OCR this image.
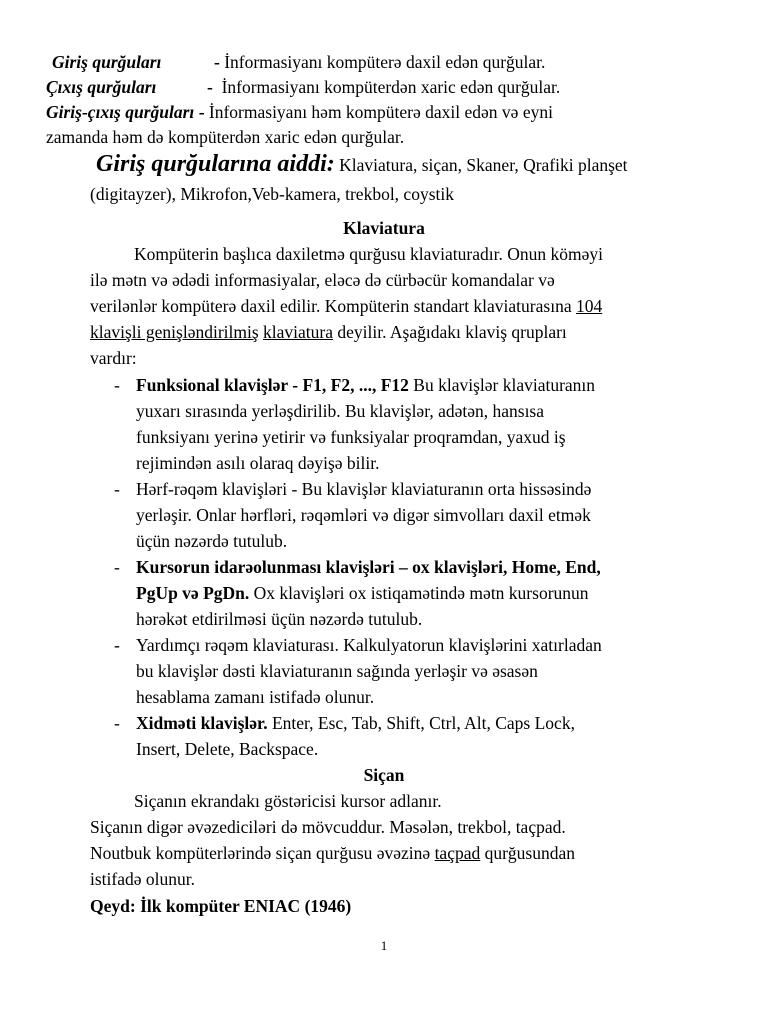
Giriş qurğuları	- İnformasiyanı kompüterə daxil edən qurğular.
Çıxış qurğuları	- İnformasiyanı kompüterdən xaric edən qurğular.
Giriş-çıxış qurğuları - İnformasiyanı həm kompüterə daxil edən və eyni
zamanda həm də kompüterdən xaric edən qurğular.
Giriş qurğularına aiddi: Klaviatura, siçan, Skaner, Qrafiki planşet
(digitayzer), Mikrofon,Veb-kamera, trekbol, coystik
Klaviatura
Kompüterin başlıca daxiletmə qurğusu klaviaturadır. Onun köməyi
ilə mətn və ədədi informasiyalar, eləcə də cürbəcür komandalar və
verilənlər kompüterə daxil edilir. Kompüterin standart klaviaturasına 104
klavişli genişləndirilmiş klaviatura deyilir. Aşağıdakı klaviş qrupları
vardır:
- Funksional klavişlər - F1, F2, ..., F12 Bu klavişlər klaviaturanın
yuxarı sırasında yerləşdirilib. Bu klavişlər, adətən, hansısa
funksiyanı yerinə yetirir və funksiyalar proqramdan, yaxud iş
rejimindən asılı olaraq dəyişə bilir.
- Hərf-rəqəm klavişləri - Bu klavişlər klaviaturanın orta hissəsində
yerləşir. Onlar hərfləri, rəqəmləri və digər simvolları daxil etmək
üçün nəzərdə tutulub.
- Kursorun idarəolunması klavişləri – ox klavişləri, Home, End,
PgUp və PgDn. Ox klavişləri ox istiqamətində mətn kursorunun
hərəkət etdirilməsi üçün nəzərdə tutulub.
- Yardımçı rəqəm klaviaturası. Kalkulyatorun klavişlərini xatırladan
bu klavişlər dəsti klaviaturanın sağında yerləşir və əsasən
hesablama zamanı istifadə olunur.
- Xidməti klavişlər. Enter, Esc, Tab, Shift, Ctrl, Alt, Caps Lock,
Insert, Delete, Backspace.
Siçan
Siçanın ekrandakı göstəricisi kursor adlanır.
Siçanın digər əvəzediciləri də mövcuddur. Məsələn, trekbol, taçpad.
Noutbuk kompüterlərində siçan qurğusu əvəzinə taçpad qurğusundan
istifadə olunur.
Qeyd: İlk kompüter ENIAC (1946)
1
